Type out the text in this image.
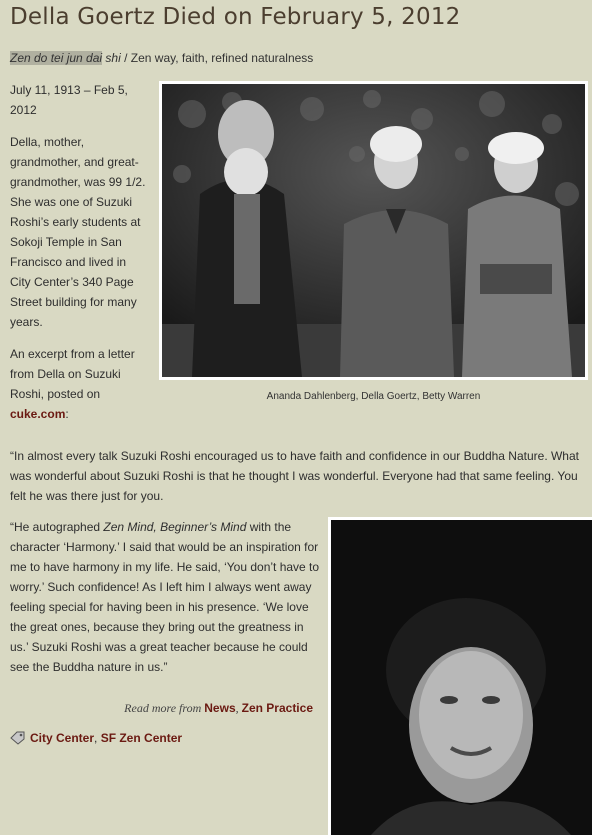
Della Goertz Died on February 5, 2012
Zen do tei jun dai shi / Zen way, faith, refined naturalness

July 11, 1913 – Feb 5, 2012

Della, mother, grandmother, and great-grandmother, was 99 1/2. She was one of Suzuki Roshi’s early students at Sokoji Temple in San Francisco and lived in City Center’s 340 Page Street building for many years.

An excerpt from a letter from Della on Suzuki Roshi, posted on cuke.com:

Ananda Dahlenberg, Della Goertz, Betty Warren

“In almost every talk Suzuki Roshi encouraged us to have faith and confidence in our Buddha Nature. What was wonderful about Suzuki Roshi is that he thought I was wonderful. Everyone had that same feeling. You felt he was there just for you.

“He autographed Zen Mind, Beginner’s Mind with the character ‘Harmony.’ I said that would be an inspiration for me to have harmony in my life. He said, ‘You don’t have to worry.’ Such confidence! As I left him I always went away feeling special for having been in his presence. ‘We love the great ones, because they bring out the greatness in us.’ Suzuki Roshi was a great teacher because he could see the Buddha nature in us.”

Read more from News, Zen Practice
City Center, SF Zen Center
